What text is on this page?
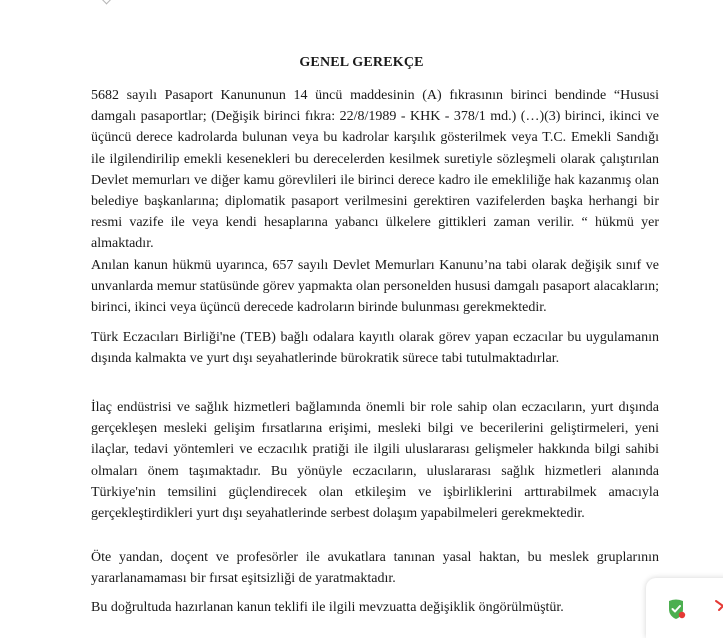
GENEL GEREKÇE

5682 sayılı Pasaport Kanununun 14 üncü maddesinin (A) fıkrasının birinci bendinde “Hususi damgalı pasaportlar; (Değişik birinci fıkra: 22/8/1989 - KHK - 378/1 md.) (…)(3) birinci, ikinci ve üçüncü derece kadrolarda bulunan veya bu kadrolar karşılık gösterilmek veya T.C. Emekli Sandığı ile ilgilendirilip emekli kesenekleri bu derecelerden kesilmek suretiyle sözleşmeli olarak çalıştırılan Devlet memurları ve diğer kamu görevlileri ile birinci derece kadro ile emekliliğe hak kazanmış olan belediye başkanlarına; diplomatik pasaport verilmesini gerektiren vazifelerden başka herhangi bir resmi vazife ile veya kendi hesaplarına yabancı ülkelere gittikleri zaman verilir. “ hükmü yer almaktadır.

Anılan kanun hükmü uyarınca, 657 sayılı Devlet Memurları Kanunu’na tabi olarak değişik sınıf ve unvanlarda memur statüsünde görev yapmakta olan personelden hususi damgalı pasaport alacakların; birinci, ikinci veya üçüncü derecede kadroların birinde bulunması gerekmektedir.

Türk Eczacıları Birliği'ne (TEB) bağlı odalara kayıtlı olarak görev yapan eczacılar bu uygulamanın dışında kalmakta ve yurt dışı seyahatlerinde bürokratik sürece tabi tutulmaktadırlar.

İlaç endüstrisi ve sağlık hizmetleri bağlamında önemli bir role sahip olan eczacıların, yurt dışında gerçekleşen mesleki gelişim fırsatlarına erişimi, mesleki bilgi ve becerilerini geliştirmeleri, yeni ilaçlar, tedavi yöntemleri ve eczacılık pratiği ile ilgili uluslararası gelişmeler hakkında bilgi sahibi olmaları önem taşımaktadır. Bu yönüyle eczacıların, uluslararası sağlık hizmetleri alanında Türkiye'nin temsilini güçlendirecek olan etkileşim ve işbirliklerini arttırabilmek amacıyla gerçekleştirdikleri yurt dışı seyahatlerinde serbest dolaşım yapabilmeleri gerekmektedir.

Öte yandan, doçent ve profesörler ile avukatlara tanınan yasal haktan, bu meslek gruplarının yararlanamaması bir fırsat eşitsizliği de yaratmaktadır.

Bu doğrultuda hazırlanan kanun teklifi ile ilgili mevzuatta değişiklik öngörülmüştür.
